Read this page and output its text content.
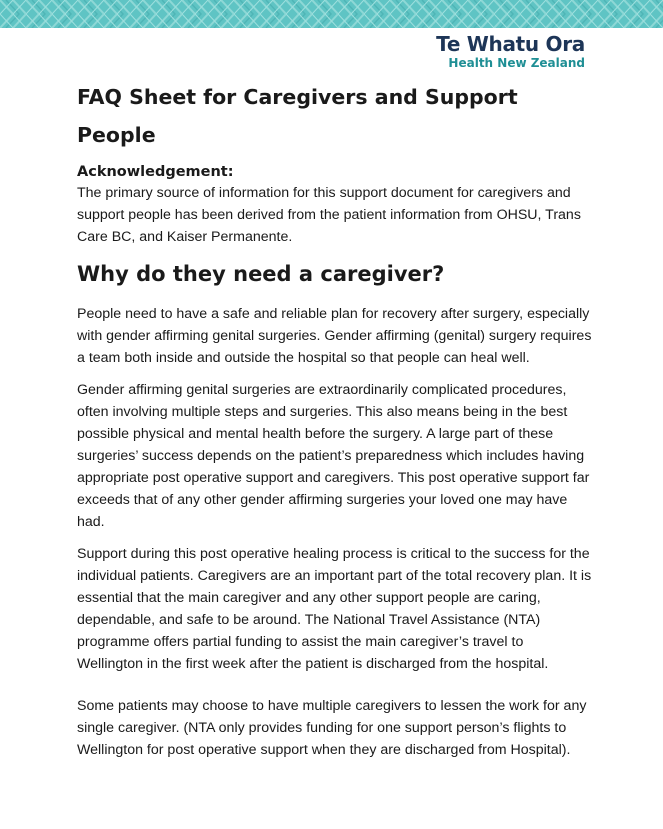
Te Whatu Ora
Health New Zealand
FAQ Sheet for Caregivers and Support People
Acknowledgement:

The primary source of information for this support document for caregivers and support people has been derived from the patient information from OHSU, Trans Care BC, and Kaiser Permanente.

Why do they need a caregiver?

People need to have a safe and reliable plan for recovery after surgery, especially with gender affirming genital surgeries. Gender affirming (genital) surgery requires a team both inside and outside the hospital so that people can heal well.

Gender affirming genital surgeries are extraordinarily complicated procedures, often involving multiple steps and surgeries. This also means being in the best possible physical and mental health before the surgery. A large part of these surgeries’ success depends on the patient’s preparedness which includes having appropriate post operative support and caregivers. This post operative support far exceeds that of any other gender affirming surgeries your loved one may have had.

Support during this post operative healing process is critical to the success for the individual patients. Caregivers are an important part of the total recovery plan. It is essential that the main caregiver and any other support people are caring, dependable, and safe to be around. The National Travel Assistance (NTA) programme offers partial funding to assist the main caregiver’s travel to Wellington in the first week after the patient is discharged from the hospital.

Some patients may choose to have multiple caregivers to lessen the work for any single caregiver. (NTA only provides funding for one support person’s flights to Wellington for post operative support when they are discharged from Hospital).
